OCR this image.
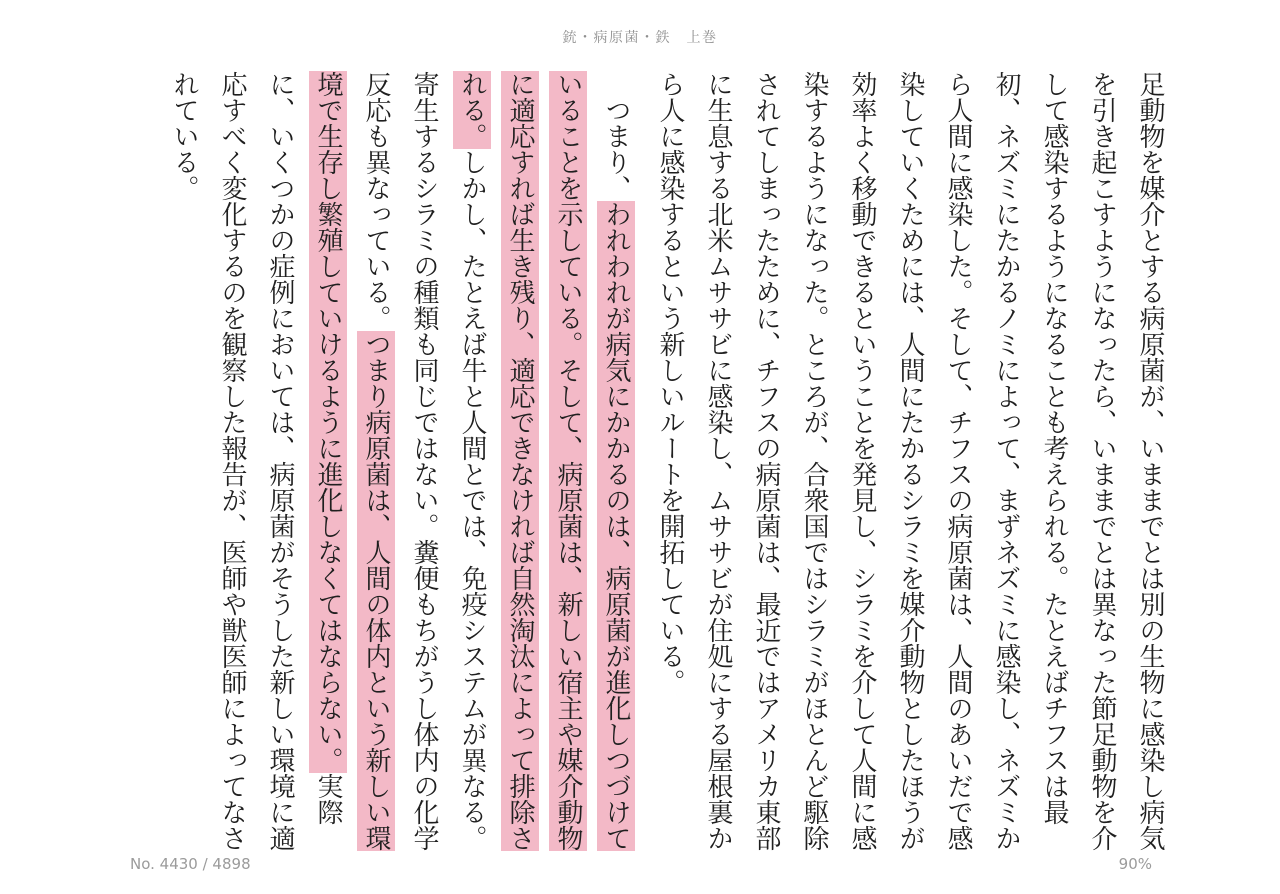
銃・病原菌・鉄　上巻

足動物を媒介とする病原菌が、いままでとは別の生物に感染し病気を引き起こすようになったら、いままでとは異なった節足動物を介して感染するようになることも考えられる。たとえばチフスは最初、ネズミにたかるノミによって、まずネズミに感染し、ネズミから人間に感染した。そして、チフスの病原菌は、人間のあいだで感染していくためには、人間にたかるシラミを媒介動物としたほうが効率よく移動できるということを発見し、シラミを介して人間に感染するようになった。ところが、合衆国ではシラミがほとんど駆除されてしまったために、チフスの病原菌は、最近ではアメリカ東部に生息する北米ムササビに感染し、ムササビが住処にする屋根裏から人に感染するという新しいルートを開拓している。

つまり、われわれが病気にかかるのは、病原菌が進化しつづけていることを示している。そして、病原菌は、新しい宿主や媒介動物に適応すれば生き残り、適応できなければ自然淘汰によって排除される。しかし、たとえば牛と人間とでは、免疫システムが異なる。寄生するシラミの種類も同じではない。糞便もちがうし体内の化学反応も異なっている。つまり病原菌は、人間の体内という新しい環境で生存し繁殖していけるように進化しなくてはならない。実際に、いくつかの症例においては、病原菌がそうした新しい環境に適応すべく変化するのを観察した報告が、医師や獣医師によってなされている。

No. 4430 / 4898	90%
